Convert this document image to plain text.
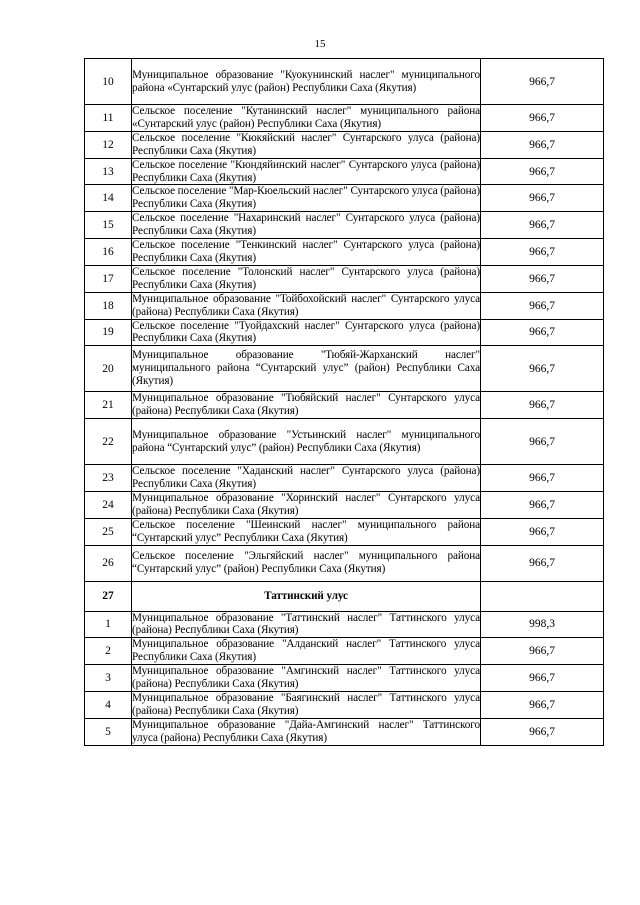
15
10	Муниципальное образование "Куокунинский наслег" муниципального района «Сунтарский улус (район) Республики Саха (Якутия)	966,7
11	Сельское поселение "Кутанинский наслег" муниципального района «Сунтарский улус (район) Республики Саха (Якутия)	966,7
12	Сельское поселение "Кюкяйский наслег" Сунтарского улуса (района) Республики Саха (Якутия)	966,7
13	Сельское поселение "Кюндяйинский наслег" Сунтарского улуса (района) Республики Саха (Якутия)	966,7
14	Сельское поселение "Мар-Кюельский наслег" Сунтарского улуса (района) Республики Саха (Якутия)	966,7
15	Сельское поселение "Нахаринский наслег" Сунтарского улуса (района) Республики Саха (Якутия)	966,7
16	Сельское поселение "Тенкинский наслег" Сунтарского улуса (района) Республики Саха (Якутия)	966,7
17	Сельское поселение "Толонский наслег" Сунтарского улуса (района) Республики Саха (Якутия)	966,7
18	Муниципальное образование "Тойбохойский наслег" Сунтарского улуса (района) Республики Саха (Якутия)	966,7
19	Сельское поселение "Туойдахский наслег" Сунтарского улуса (района) Республики Саха (Якутия)	966,7
20	Муниципальное образование "Тюбяй-Жарханский наслег" муниципального района “Сунтарский улус” (район) Республики Саха (Якутия)	966,7
21	Муниципальное образование "Тюбяйский наслег" Сунтарского улуса (района) Республики Саха (Якутия)	966,7
22	Муниципальное образование "Устьинский наслег" муниципального района “Сунтарский улус” (район) Республики Саха (Якутия)	966,7
23	Сельское поселение "Хаданский наслег" Сунтарского улуса (района) Республики Саха (Якутия)	966,7
24	Муниципальное образование "Хоринский наслег" Сунтарского улуса (района) Республики Саха (Якутия)	966,7
25	Сельское поселение "Шеинский наслег" муниципального района “Сунтарский улус” Республики Саха (Якутия)	966,7
26	Сельское поселение "Эльгяйский наслег" муниципального района “Сунтарский улус” (район) Республики Саха (Якутия)	966,7
27	Таттинский улус	
1	Муниципальное образование "Таттинский наслег" Таттинского улуса (района) Республики Саха (Якутия)	998,3
2	Муниципальное образование "Алданский наслег" Таттинского улуса Республики Саха (Якутия)	966,7
3	Муниципальное образование "Амгинский наслег" Таттинского улуса (района) Республики Саха (Якутия)	966,7
4	Муниципальное образование "Баягинский наслег" Таттинского улуса (района) Республики Саха (Якутия)	966,7
5	Муниципальное образование "Дайа-Амгинский наслег" Таттинского улуса (района) Республики Саха (Якутия)	966,7
